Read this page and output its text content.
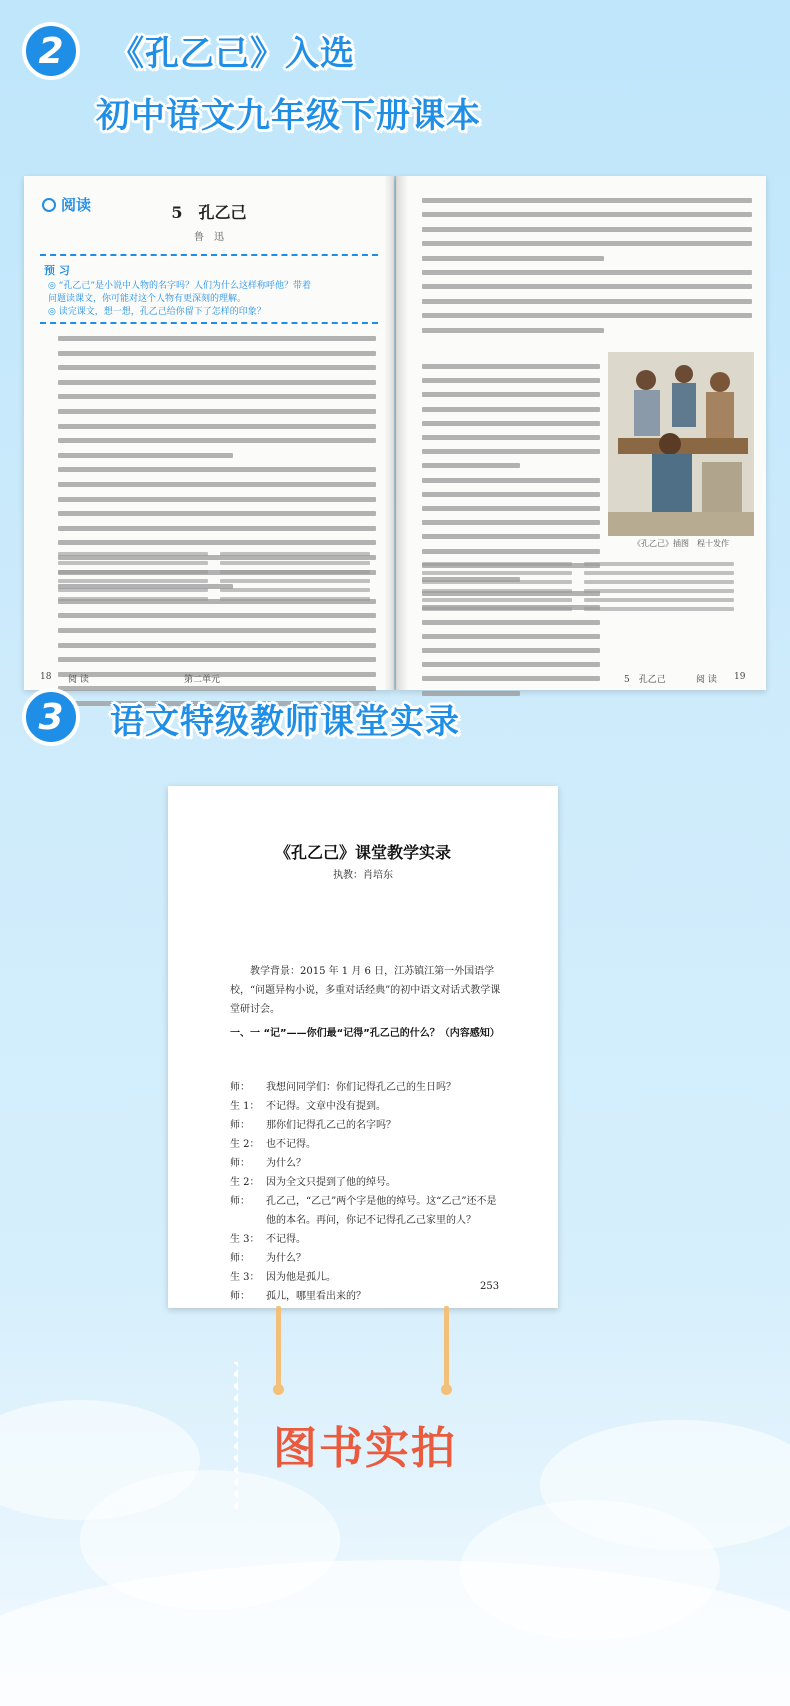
2	《孔乙己》入选
初中语文九年级下册课本
阅读	5　孔乙己
鲁　迅
预 习
◎ “孔乙己”是小说中人物的名字吗？人们为什么这样称呼他？带着
问题读课文，你可能对这个人物有更深刻的理解。
◎ 读完课文，想一想，孔乙己给你留下了怎样的印象？
18 阅 读	第二单元
《孔乙己》插图　程十发作
5　孔乙己	阅 读 19
3	语文特级教师课堂实录
《孔乙己》课堂教学实录
执教：肖培东
教学背景：2015 年 1 月 6 日，江苏镇江第一外国语学校，“问题异构小说，多重对话经典”的初中语文对话式教学课堂研讨会。
一、一 “记”——你们最“记得”孔乙己的什么？（内容感知）
师： 我想问同学们：你们记得孔乙己的生日吗？
生 1： 不记得。文章中没有提到。
师： 那你们记得孔乙己的名字吗？
生 2： 也不记得。
师： 为什么？
生 2： 因为全文只提到了他的绰号。
师： 孔乙己，“乙己”两个字是他的绰号。这“乙己”还不是
他的本名。再问，你记不记得孔乙己家里的人？
生 3： 不记得。
师： 为什么？
生 3： 因为他是孤儿。
师： 孤儿，哪里看出来的？
253
图书实拍
